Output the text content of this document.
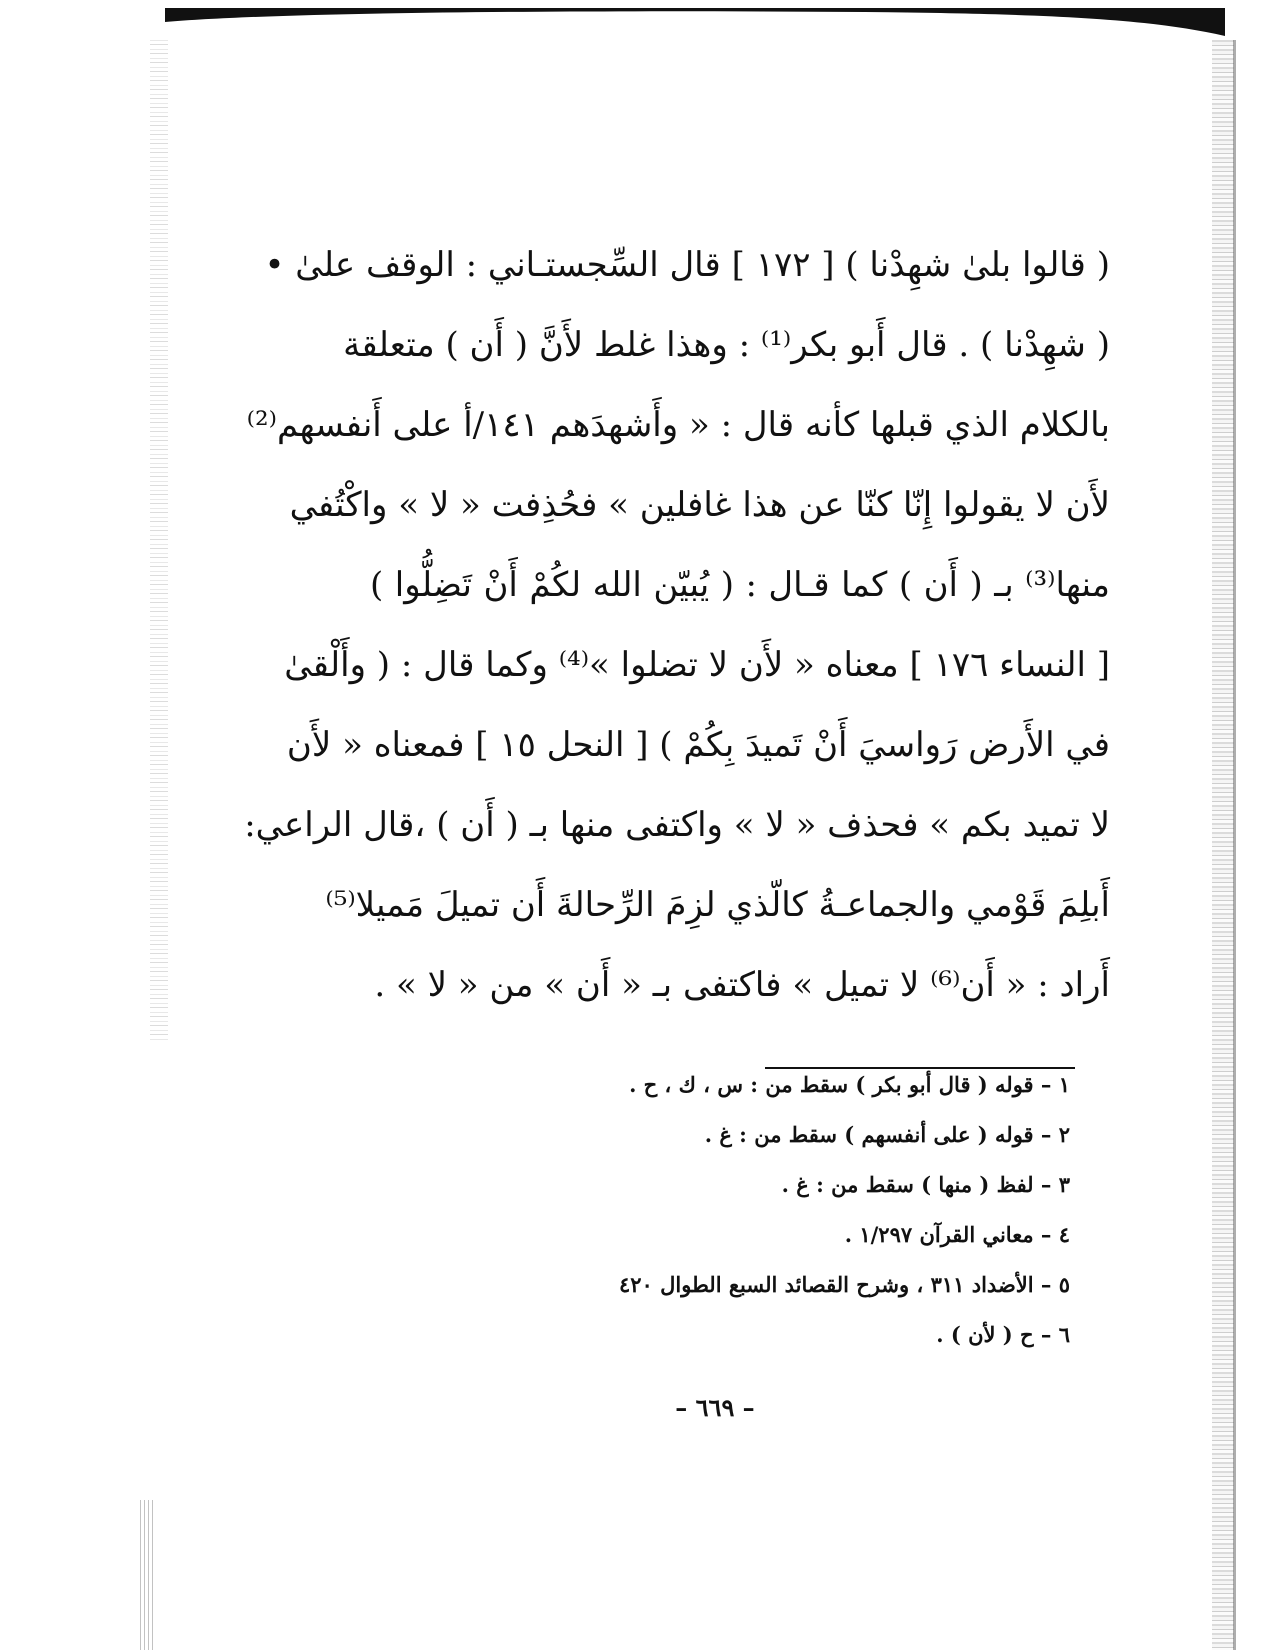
( قالوا بلىٰ شهِدْنا ) [ ١٧٢ ] قال السِّجستـاني : الوقف علىٰ •
( شهِدْنا ) . قال أَبو بكر⁽¹⁾ : وهذا غلط لأَنَّ ( أَن ) متعلقة
بالكلام الذي قبلها كأنه قال : « وأَشهدَهم ١٤١/أ على أَنفسهم⁽²⁾
لأَن لا يقولوا إِنّا كنّا عن هذا غافلين » فحُذِفت « لا » واكْتُفي
منها⁽³⁾ بـ ( أَن ) كما قـال : ( يُبيّن الله لكُمْ أَنْ تَضِلُّوا )
[ النساء ١٧٦ ] معناه « لأَن لا تضلوا »⁽⁴⁾ وكما قال : ( وأَلْقىٰ
في الأَرض رَواسيَ أَنْ تَميدَ بِكُمْ ) [ النحل ١٥ ] فمعناه « لأَن
لا تميد بكم » فحذف « لا » واكتفى منها بـ ( أَن ) ،قال الراعي:
أَبلِمَ قَوْمي والجماعـةُ كالّذي لزِمَ الرِّحالةَ أَن تميلَ مَميلا⁽⁵⁾
أَراد : « أَن⁽⁶⁾ لا تميل » فاكتفى بـ « أَن » من « لا » .
١ – قوله ( قال أبو بكر ) سقط من : س ، ك ، ح .
٢ – قوله ( على أنفسهم ) سقط من : غ .
٣ – لفظ ( منها ) سقط من : غ .
٤ – معاني القرآن ١/٢٩٧ .
٥ – الأضداد ٣١١ ، وشرح القصائد السبع الطوال ٤٢٠
٦ – ح ( لأن ) .
– ٦٦٩ –
